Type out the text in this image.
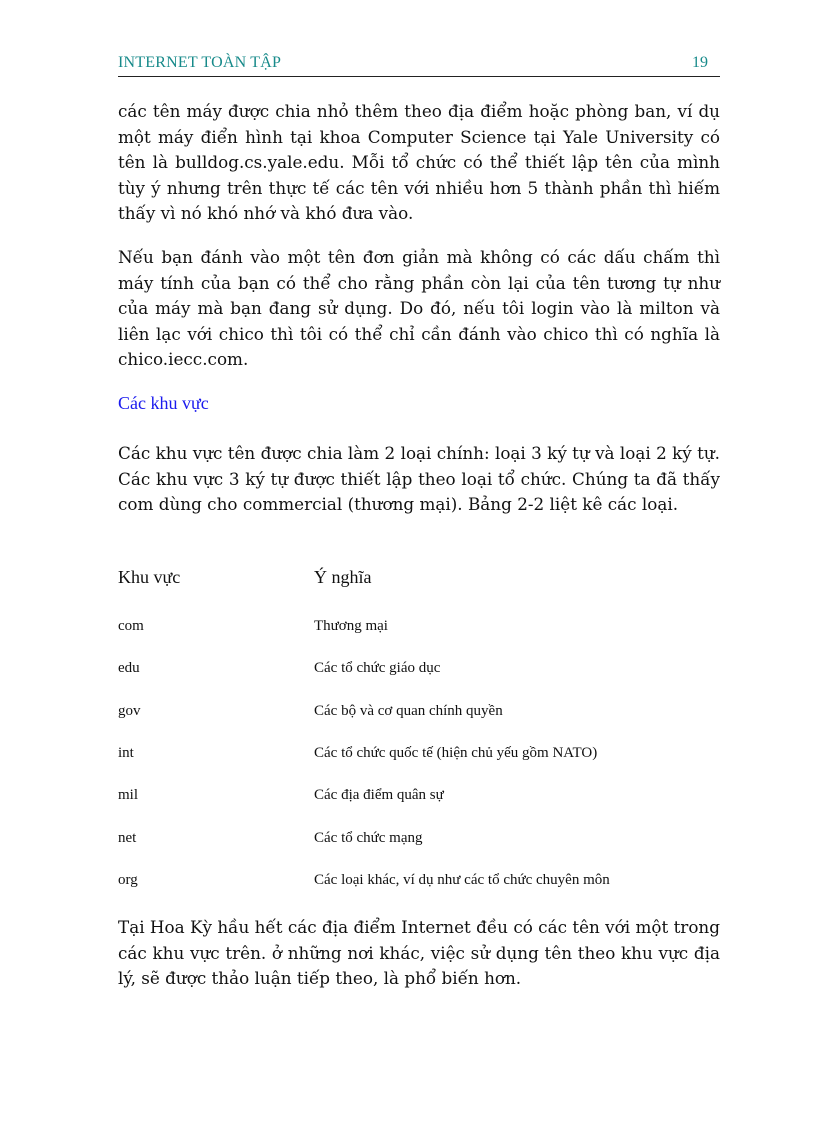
INTERNET TOÀN TẬP	19

các tên máy được chia nhỏ thêm theo địa điểm hoặc phòng ban, ví dụ một máy điển hình tại khoa Computer Science tại Yale University có tên là bulldog.cs.yale.edu. Mỗi tổ chức có thể thiết lập tên của mình tùy ý nhưng trên thực tế các tên với nhiều hơn 5 thành phần thì hiếm thấy vì nó khó nhớ và khó đưa vào.

Nếu bạn đánh vào một tên đơn giản mà không có các dấu chấm thì máy tính của bạn có thể cho rằng phần còn lại của tên tương tự như của máy mà bạn đang sử dụng. Do đó, nếu tôi login vào là milton và liên lạc với chico thì tôi có thể chỉ cần đánh vào chico thì có nghĩa là chico.iecc.com.

Các khu vực

Các khu vực tên được chia làm 2 loại chính: loại 3 ký tự và loại 2 ký tự. Các khu vực 3 ký tự được thiết lập theo loại tổ chức. Chúng ta đã thấy com dùng cho commercial (thương mại). Bảng 2-2 liệt kê các loại.

Khu vực	Ý nghĩa
com	Thương mại
edu	Các tổ chức giáo dục
gov	Các bộ và cơ quan chính quyền
int	Các tổ chức quốc tế (hiện chủ yếu gồm NATO)
mil	Các địa điểm quân sự
net	Các tổ chức mạng
org	Các loại khác, ví dụ như các tổ chức chuyên môn

Tại Hoa Kỳ hầu hết các địa điểm Internet đều có các tên với một trong các khu vực trên. ở những nơi khác, việc sử dụng tên theo khu vực địa lý, sẽ được thảo luận tiếp theo, là phổ biến hơn.
